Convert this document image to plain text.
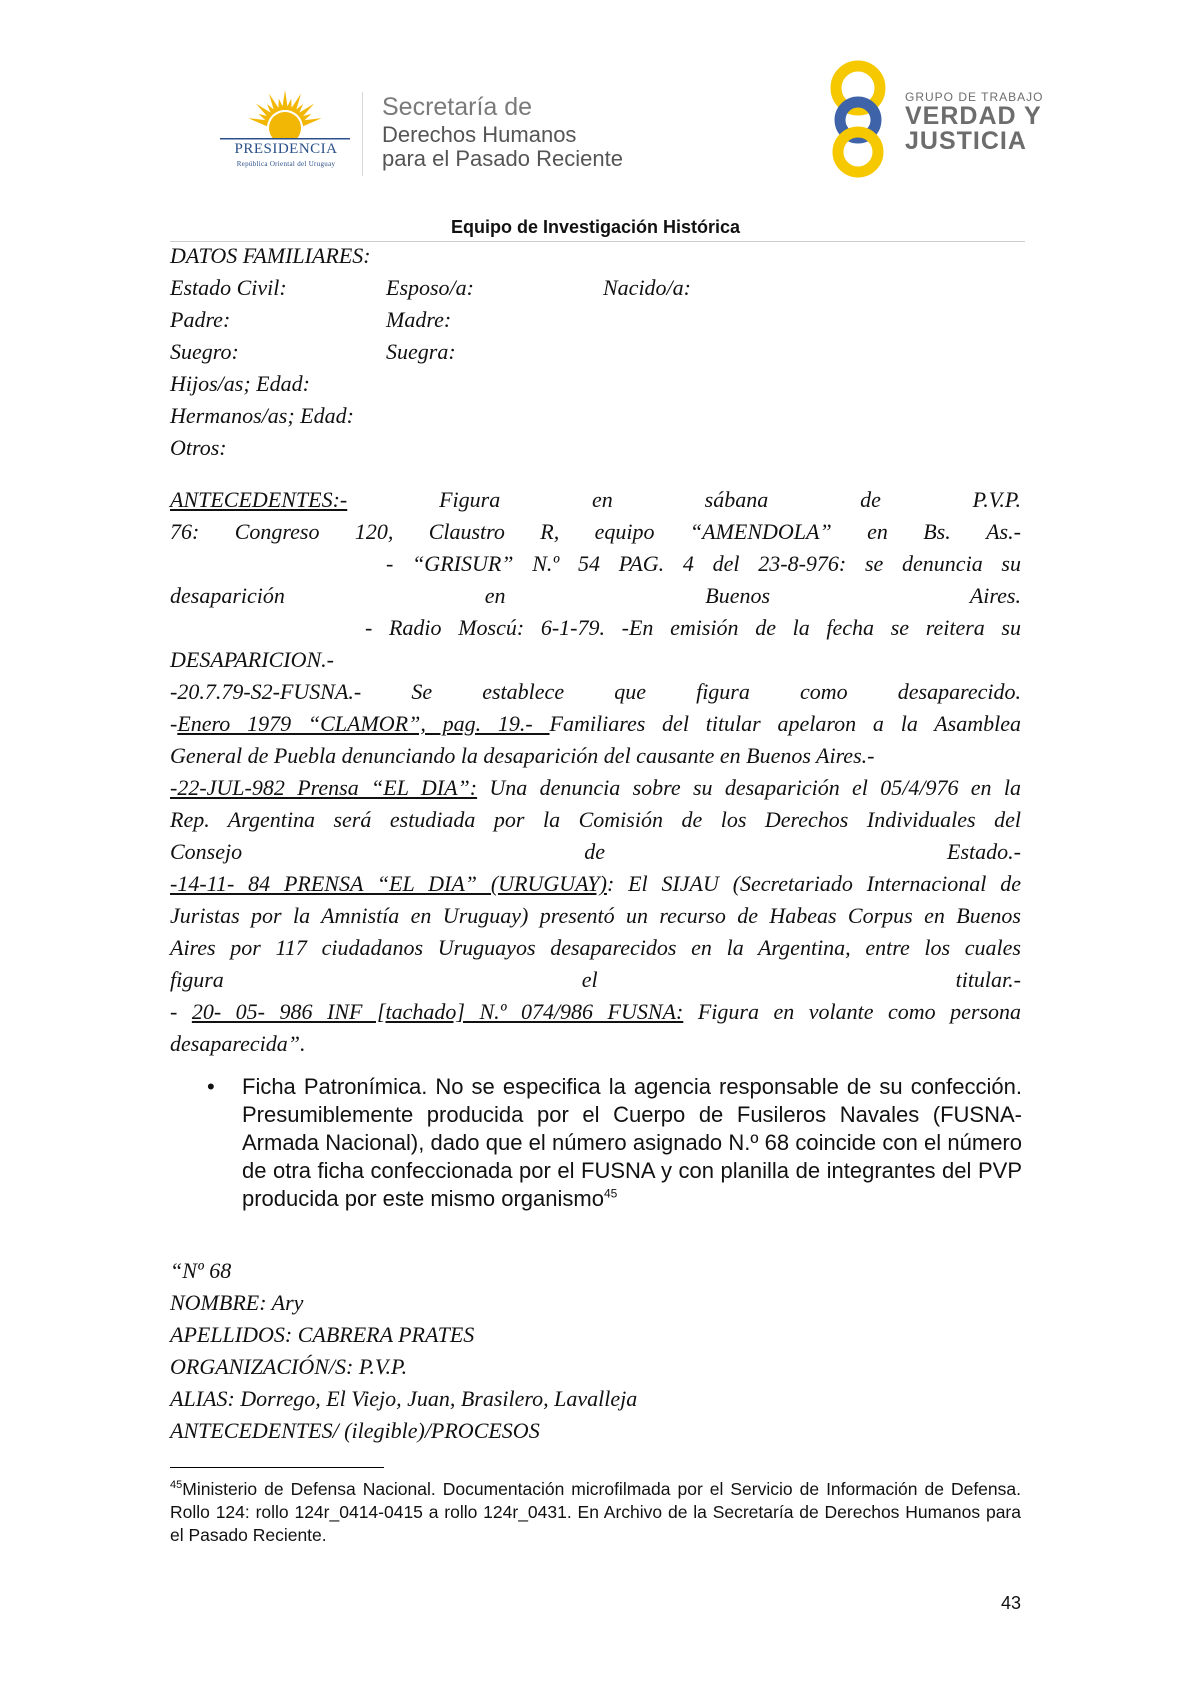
PRESIDENCIA
República Oriental del Uruguay
Secretaría de
Derechos Humanos
para el Pasado Reciente
GRUPO DE TRABAJO
VERDAD Y
JUSTICIA
Equipo de Investigación Histórica
DATOS FAMILIARES:
Estado Civil:	Esposo/a:	Nacido/a:
Padre:	Madre:
Suegro:	Suegra:
Hijos/as; Edad:
Hermanos/as; Edad:
Otros:
ANTECEDENTES:-	Figura	en	sábana	de	P.V.P.
76: Congreso 120, Claustro R, equipo “AMENDOLA” en Bs. As.-
- “GRISUR” N.º 54 PAG. 4 del 23-8-976: se denuncia su
desaparición	en	Buenos	Aires.
- Radio Moscú: 6-1-79. -En emisión de la fecha se reitera su
DESAPARICION.-
-20.7.79-S2-FUSNA.- Se establece que figura como desaparecido.
-Enero 1979 “CLAMOR”, pag. 19.- Familiares del titular apelaron a la Asamblea
General de Puebla denunciando la desaparición del causante en Buenos Aires.-
-22-JUL-982 Prensa “EL DIA”: Una denuncia sobre su desaparición el 05/4/976 en la
Rep. Argentina será estudiada por la Comisión de los Derechos Individuales del
Consejo	de	Estado.-
-14-11- 84 PRENSA “EL DIA” (URUGUAY): El SIJAU (Secretariado Internacional de
Juristas por la Amnistía en Uruguay) presentó un recurso de Habeas Corpus en Buenos
Aires por 117 ciudadanos Uruguayos desaparecidos en la Argentina, entre los cuales
figura	el	titular.-
- 20- 05- 986 INF [tachado] N.º 074/986 FUSNA: Figura en volante como persona
desaparecida”.
• Ficha Patronímica. No se especifica la agencia responsable de su confección. Presumiblemente producida por el Cuerpo de Fusileros Navales (FUSNA-Armada Nacional), dado que el número asignado N.º 68 coincide con el número de otra ficha confeccionada por el FUSNA y con planilla de integrantes del PVP producida por este mismo organismo$^{45}$
“Nº 68
NOMBRE: Ary
APELLIDOS: CABRERA PRATES
ORGANIZACIÓN/S: P.V.P.
ALIAS: Dorrego, El Viejo, Juan, Brasilero, Lavalleja
ANTECEDENTES/ (ilegible)/PROCESOS
$^{45}$Ministerio de Defensa Nacional. Documentación microfilmada por el Servicio de Información de Defensa. Rollo 124: rollo 124r_0414-0415 a rollo 124r_0431. En Archivo de la Secretaría de Derechos Humanos para el Pasado Reciente.
43
